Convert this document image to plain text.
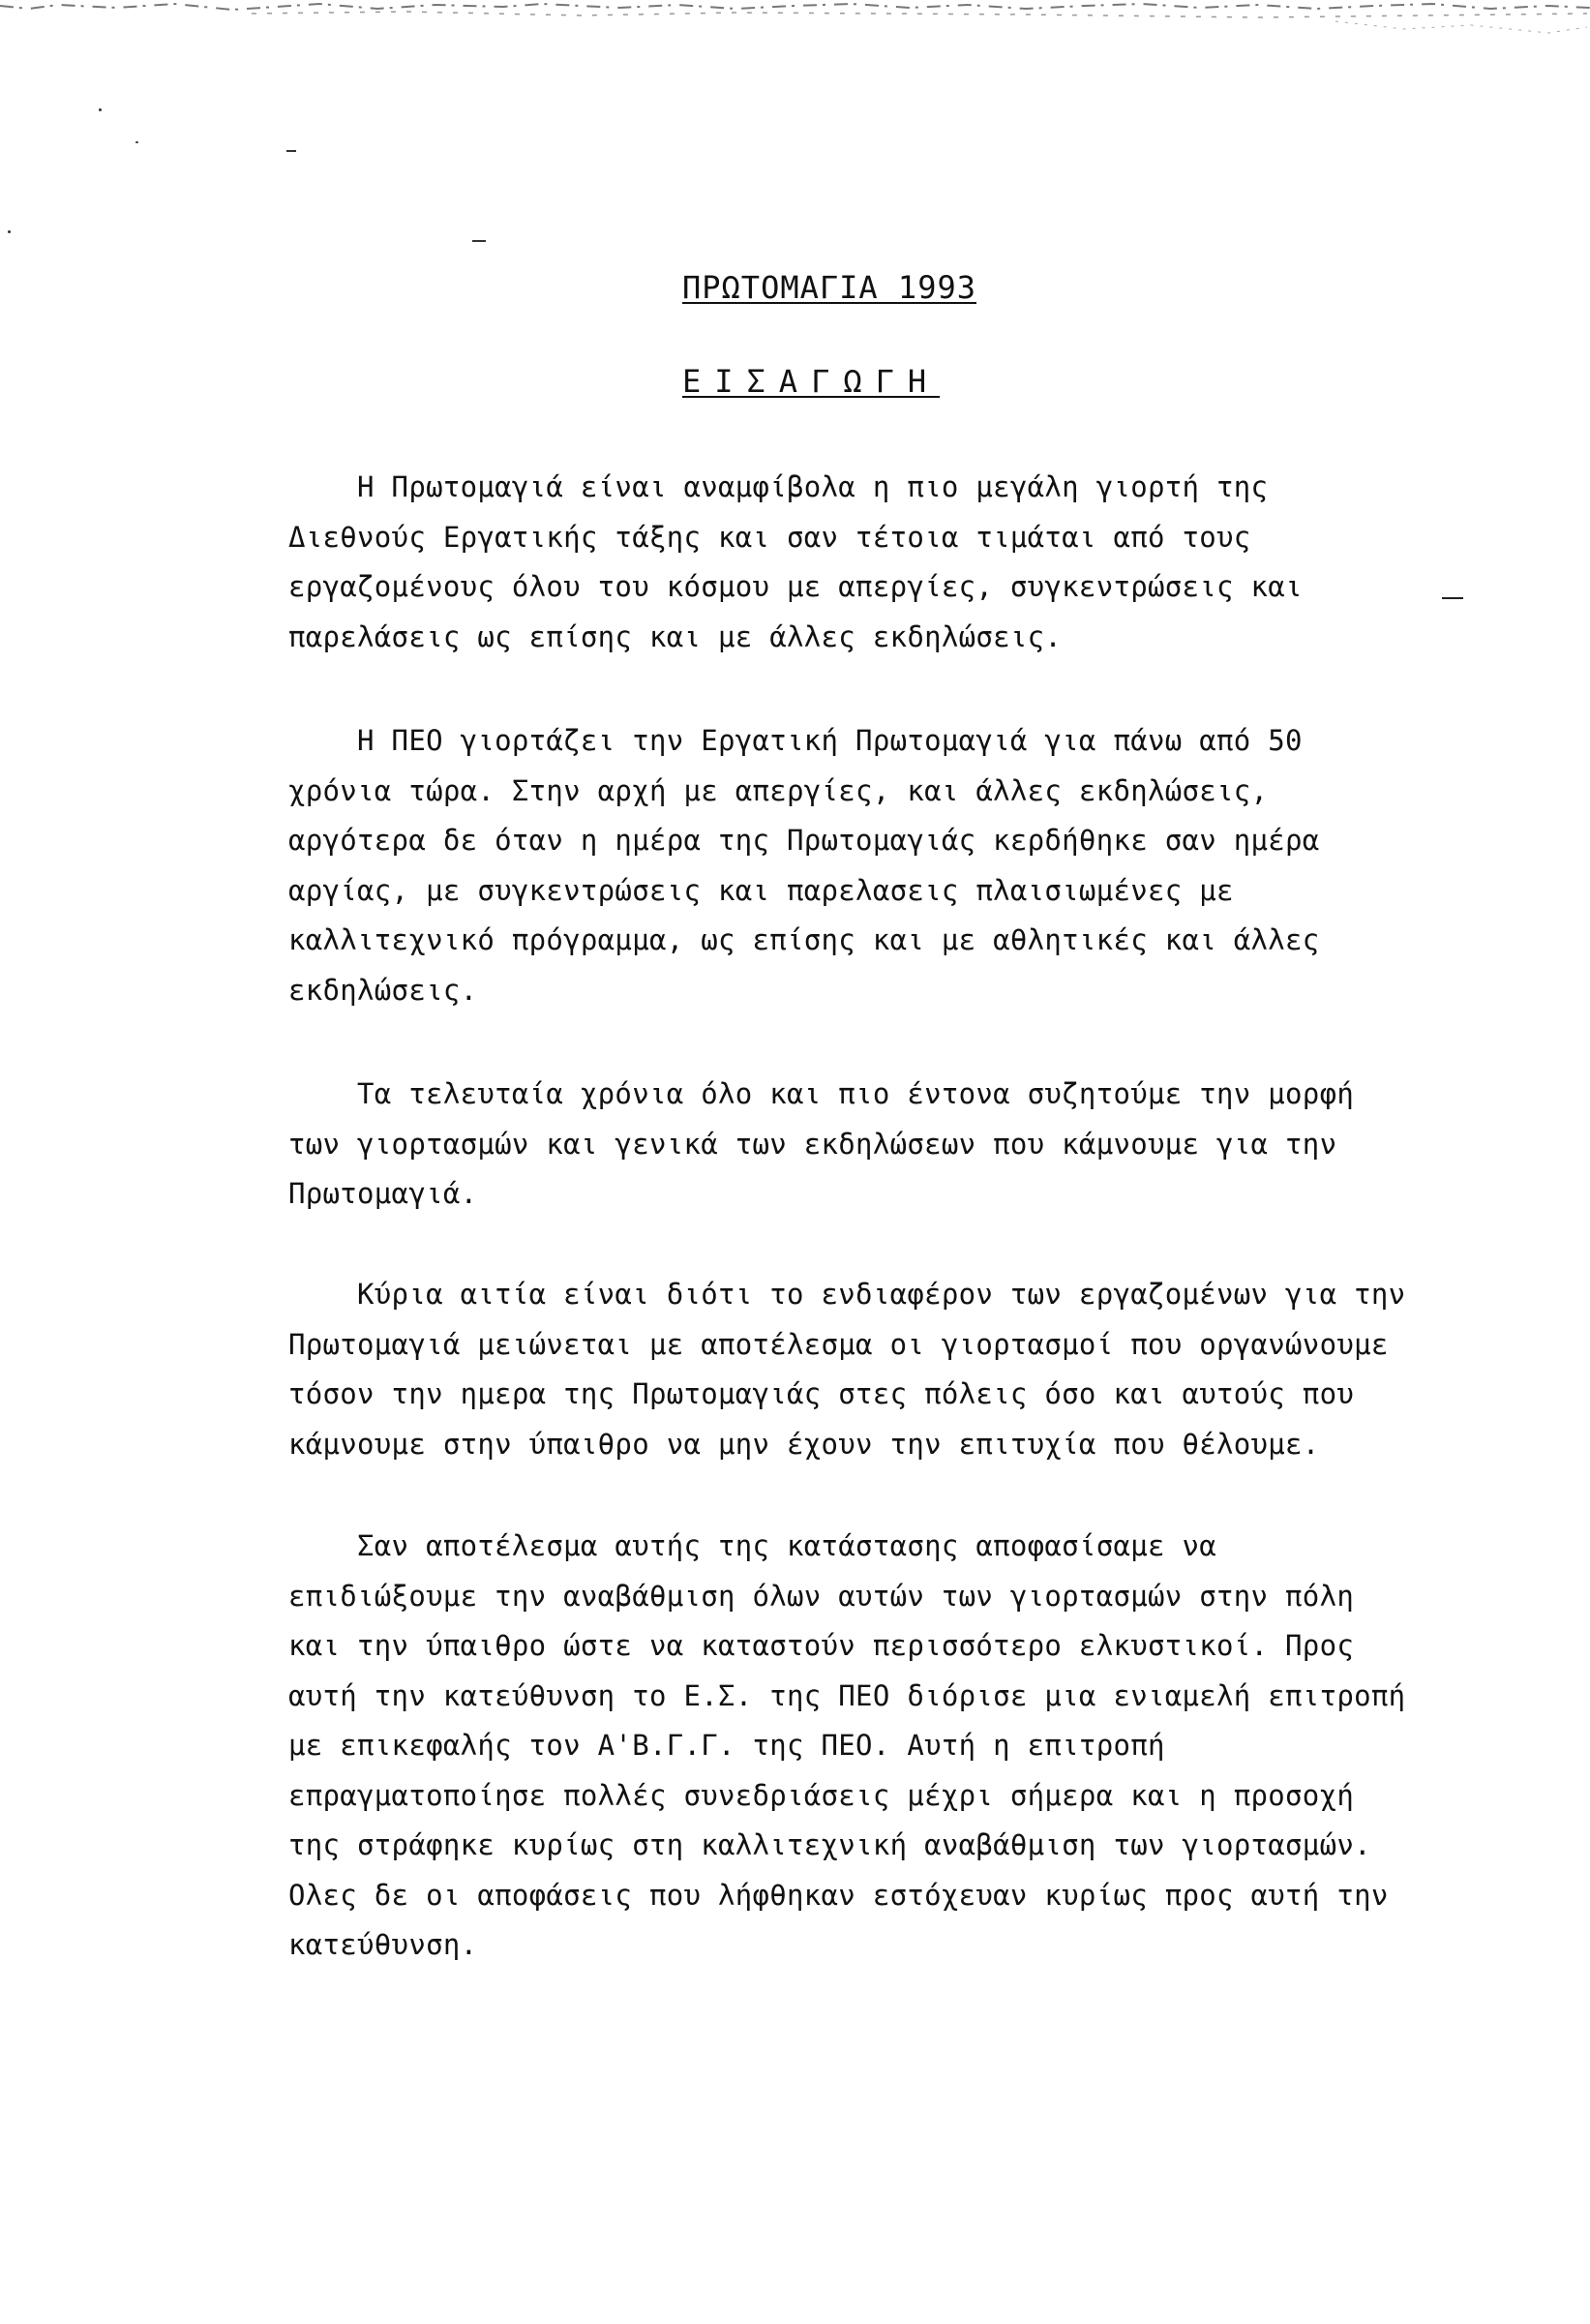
ΠΡΩΤΟΜΑΓΙΑ 1993
ΕΙΣΑΓΩΓΗ
Η Πρωτομαγιά είναι αναμφίβολα η πιο μεγάλη γιορτή της
Διεθνούς Εργατικής τάξης και σαν τέτοια τιμάται από τους
εργαζομένους όλου του κόσμου με απεργίες, συγκεντρώσεις και
παρελάσεις ως επίσης και με άλλες εκδηλώσεις.
Η ΠΕΟ γιορτάζει την Εργατική Πρωτομαγιά για πάνω από 50
χρόνια τώρα. Στην αρχή με απεργίες, και άλλες εκδηλώσεις,
αργότερα δε όταν η ημέρα της Πρωτομαγιάς κερδήθηκε σαν ημέρα
αργίας, με συγκεντρώσεις και παρελασεις πλαισιωμένες με
καλλιτεχνικό πρόγραμμα, ως επίσης και με αθλητικές και άλλες
εκδηλώσεις.
Τα τελευταία χρόνια όλο και πιο έντονα συζητούμε την μορφή
των γιορτασμών και γενικά των εκδηλώσεων που κάμνουμε για την
Πρωτομαγιά.
Κύρια αιτία είναι διότι το ενδιαφέρον των εργαζομένων για την
Πρωτομαγιά μειώνεται με αποτέλεσμα οι γιορτασμοί που οργανώνουμε
τόσον την ημερα της Πρωτομαγιάς στες πόλεις όσο και αυτούς που
κάμνουμε στην ύπαιθρο να μην έχουν την επιτυχία που θέλουμε.
Σαν αποτέλεσμα αυτής της κατάστασης αποφασίσαμε να
επιδιώξουμε την αναβάθμιση όλων αυτών των γιορτασμών στην πόλη
και την ύπαιθρο ώστε να καταστούν περισσότερο ελκυστικοί. Προς
αυτή την κατεύθυνση το Ε.Σ. της ΠΕΟ διόρισε μια ενιαμελή επιτροπή
με επικεφαλής τον Α'Β.Γ.Γ. της ΠΕΟ. Αυτή η επιτροπή
επραγματοποίησε πολλές συνεδριάσεις μέχρι σήμερα και η προσοχή
της στράφηκε κυρίως στη καλλιτεχνική αναβάθμιση των γιορτασμών.
Ολες δε οι αποφάσεις που λήφθηκαν εστόχευαν κυρίως προς αυτή την
κατεύθυνση.
